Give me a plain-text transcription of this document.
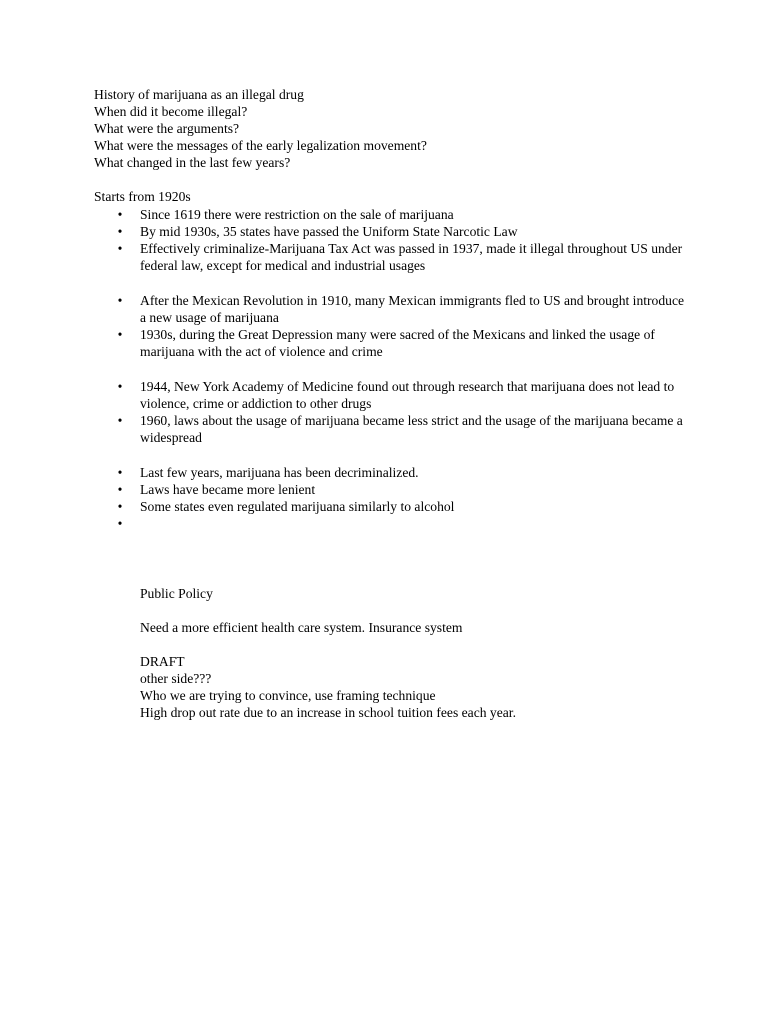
History of marijuana as an illegal drug
When did it become illegal?
What were the arguments?
What were the messages of the early legalization movement?
What changed in the last few years?
Starts from 1920s
• Since 1619 there were restriction on the sale of marijuana
• By mid 1930s, 35 states have passed the Uniform State Narcotic Law
• Effectively criminalize-Marijuana Tax Act was passed in 1937, made it illegal throughout US under federal law, except for medical and industrial usages
• After the Mexican Revolution in 1910, many Mexican immigrants fled to US and brought introduce a new usage of marijuana
• 1930s, during the Great Depression many were sacred of the Mexicans and linked the usage of marijuana with the act of violence and crime
• 1944, New York Academy of Medicine found out through research that marijuana does not lead to violence, crime or addiction to other drugs
• 1960, laws about the usage of marijuana became less strict and the usage of the marijuana became a widespread
• Last few years, marijuana has been decriminalized.
• Laws have became more lenient
• Some states even regulated marijuana similarly to alcohol
•

Public Policy
Need a more efficient health care system. Insurance system
DRAFT
other side???
Who we are trying to convince, use framing technique
High drop out rate due to an increase in school tuition fees each year.
